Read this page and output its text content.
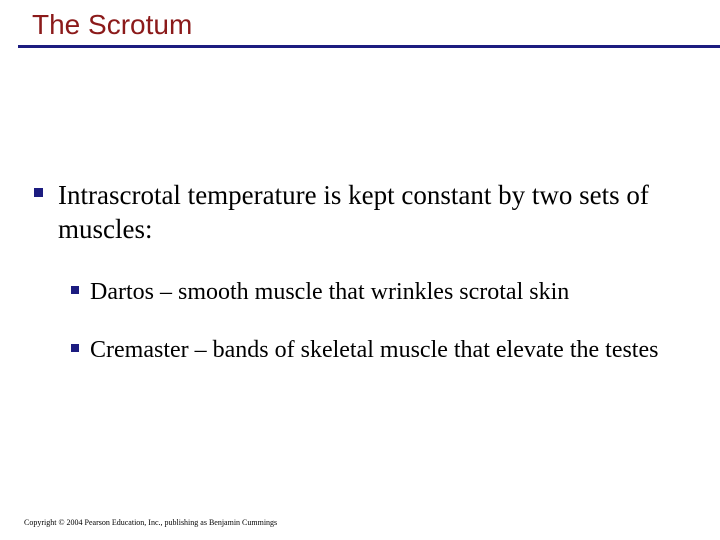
The Scrotum
Intrascrotal temperature is kept constant by two sets of muscles:
Dartos – smooth muscle that wrinkles scrotal skin
Cremaster – bands of skeletal muscle that elevate the testes
Copyright © 2004 Pearson Education, Inc., publishing as Benjamin Cummings
